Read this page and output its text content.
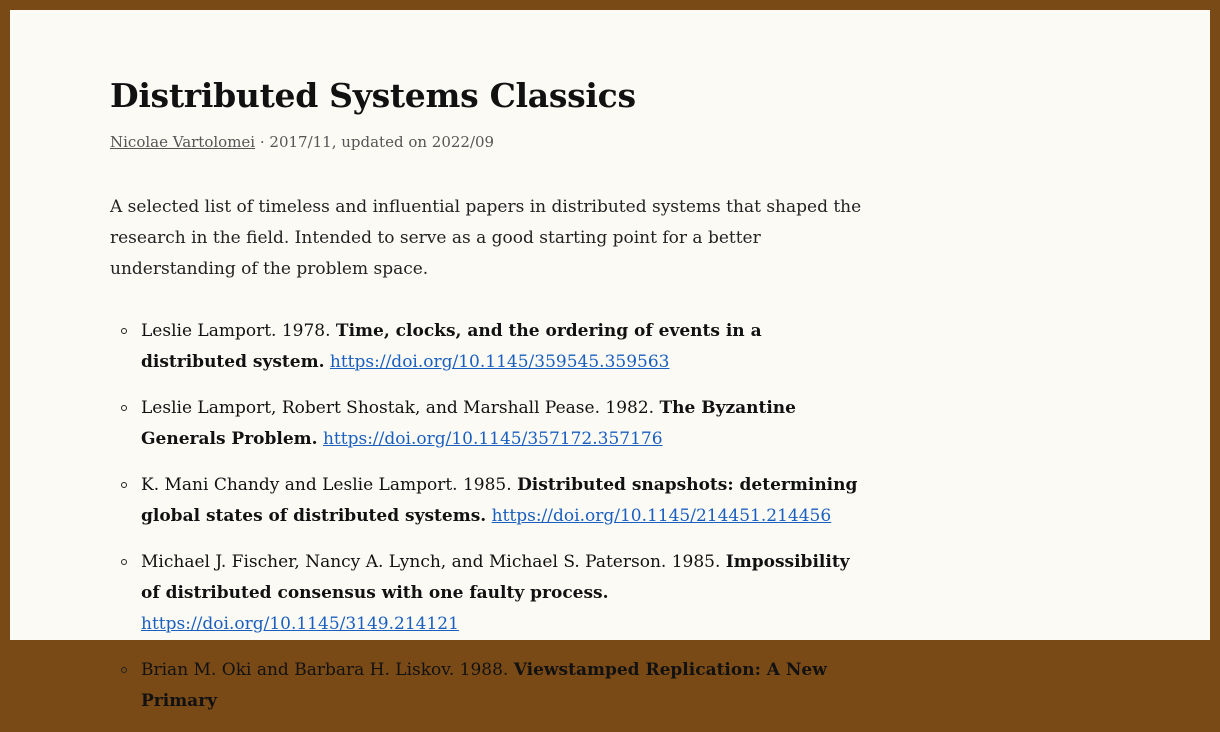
Distributed Systems Classics
Nicolae Vartolomei · 2017/11, updated on 2022/09

A selected list of timeless and influential papers in distributed systems that shaped the research in the field. Intended to serve as a good starting point for a better understanding of the problem space.

Leslie Lamport. 1978. Time, clocks, and the ordering of events in a distributed system. https://doi.org/10.1145/359545.359563
Leslie Lamport, Robert Shostak, and Marshall Pease. 1982. The Byzantine Generals Problem. https://doi.org/10.1145/357172.357176
K. Mani Chandy and Leslie Lamport. 1985. Distributed snapshots: determining global states of distributed systems. https://doi.org/10.1145/214451.214456
Michael J. Fischer, Nancy A. Lynch, and Michael S. Paterson. 1985. Impossibility of distributed consensus with one faulty process. https://doi.org/10.1145/3149.214121
Brian M. Oki and Barbara H. Liskov. 1988. Viewstamped Replication: A New Primary
